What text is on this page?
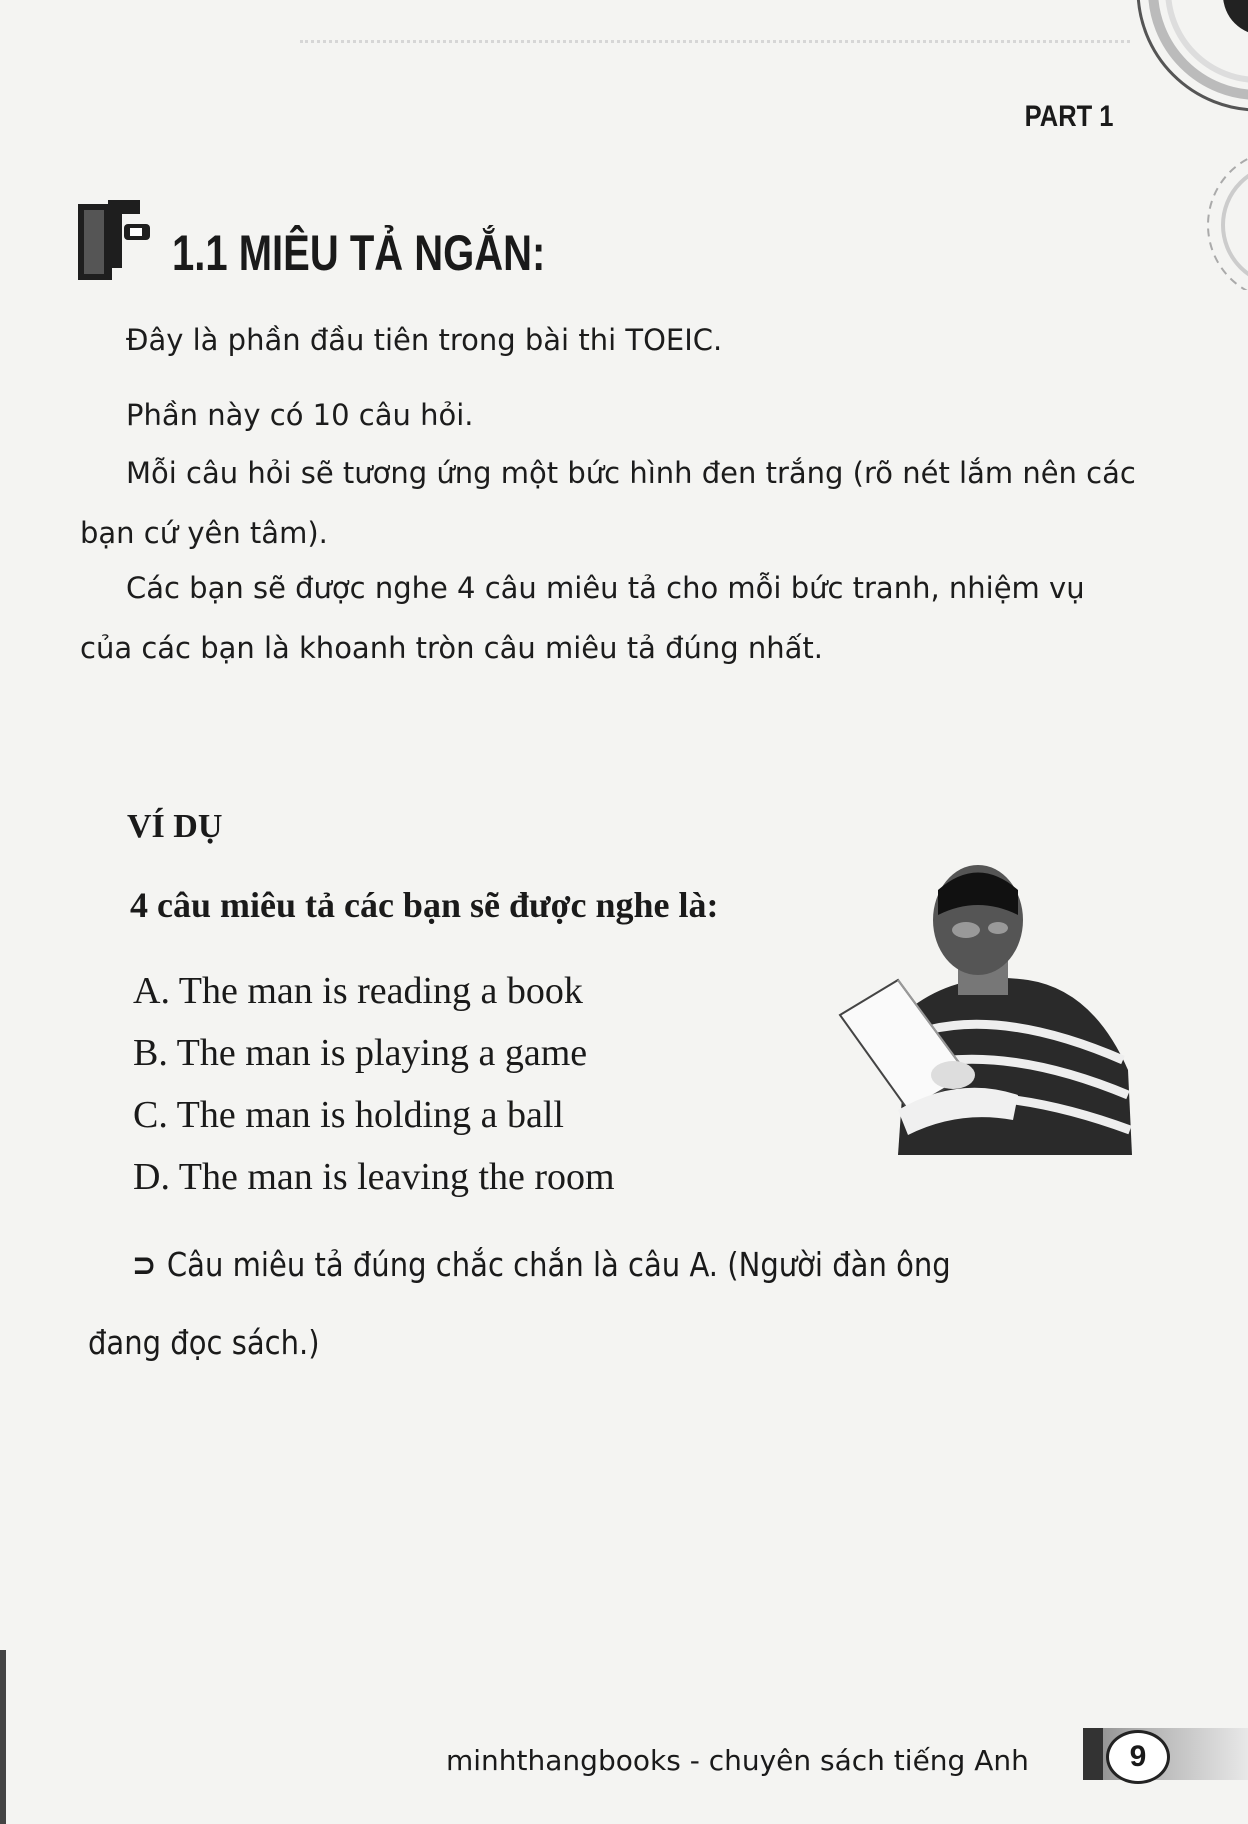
PART 1
1.1 MIÊU TẢ NGẮN:
Đây là phần đầu tiên trong bài thi TOEIC.
Phần này có 10 câu hỏi.
Mỗi câu hỏi sẽ tương ứng một bức hình đen trắng (rõ nét lắm nên các bạn cứ yên tâm).
Các bạn sẽ được nghe 4 câu miêu tả cho mỗi bức tranh, nhiệm vụ của các bạn là khoanh tròn câu miêu tả đúng nhất.
VÍ DỤ
4 câu miêu tả các bạn sẽ được nghe là:
A. The man is reading a book
B. The man is playing a game
C. The man is holding a ball
D. The man is leaving the room
⊃ Câu miêu tả đúng chắc chắn là câu A. (Người đàn ông đang đọc sách.)
minhthangbooks - chuyên sách tiếng Anh	9
